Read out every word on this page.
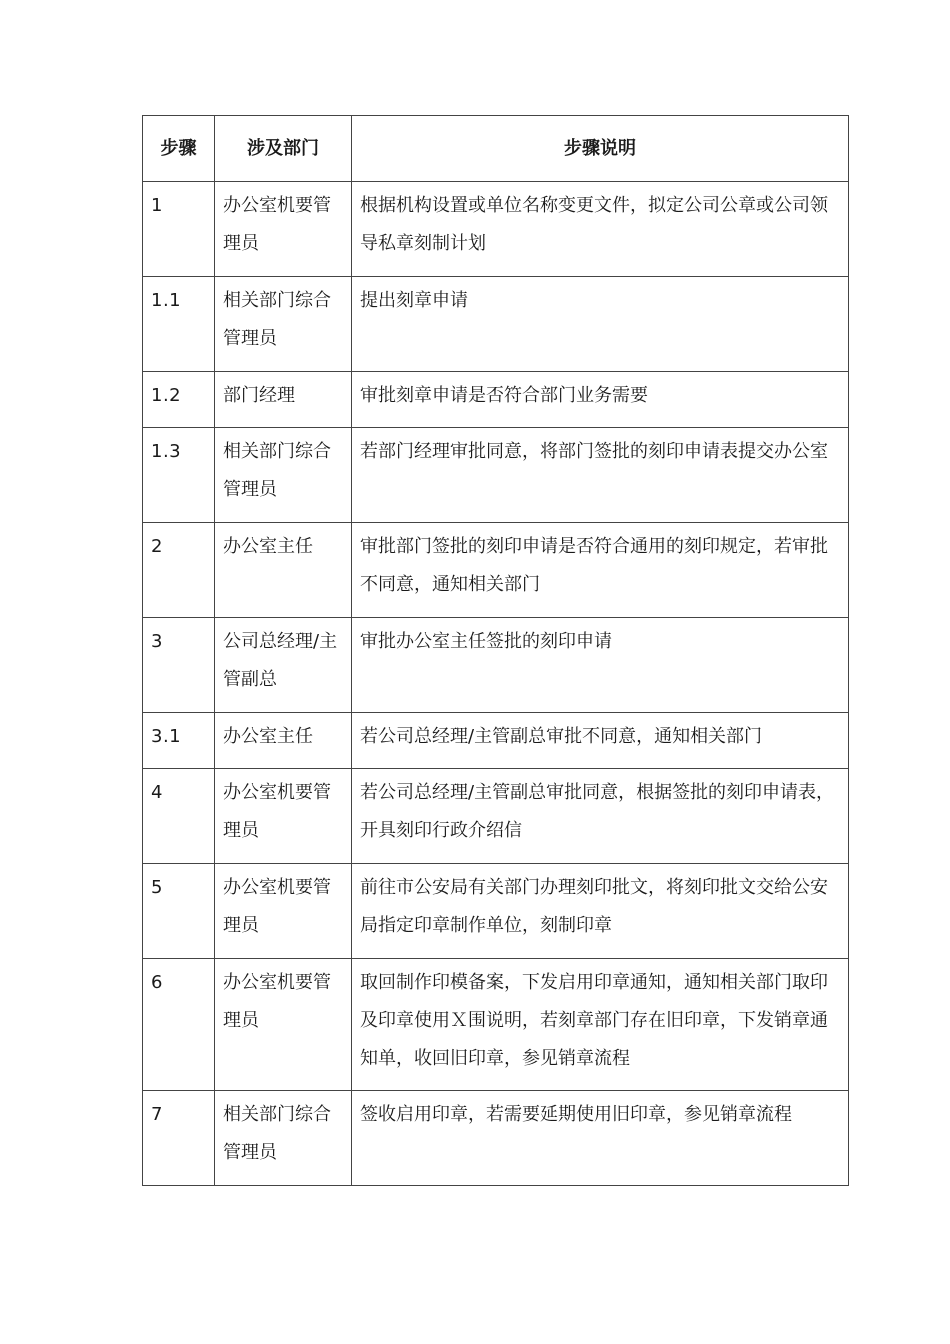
步骤	涉及部门	步骤说明
1	办公室机要管理员	根据机构设置或单位名称变更文件，拟定公司公章或公司领导私章刻制计划
1.1	相关部门综合管理员	提出刻章申请
1.2	部门经理	审批刻章申请是否符合部门业务需要
1.3	相关部门综合管理员	若部门经理审批同意，将部门签批的刻印申请表提交办公室
2	办公室主任	审批部门签批的刻印申请是否符合通用的刻印规定，若审批不同意，通知相关部门
3	公司总经理/主管副总	审批办公室主任签批的刻印申请
3.1	办公室主任	若公司总经理/主管副总审批不同意，通知相关部门
4	办公室机要管理员	若公司总经理/主管副总审批同意，根据签批的刻印申请表，开具刻印行政介绍信
5	办公室机要管理员	前往市公安局有关部门办理刻印批文，将刻印批文交给公安局指定印章制作单位，刻制印章
6	办公室机要管理员	取回制作印模备案，下发启用印章通知，通知相关部门取印及印章使用Ｘ围说明，若刻章部门存在旧印章，下发销章通知单，收回旧印章，参见销章流程
7	相关部门综合管理员	签收启用印章，若需要延期使用旧印章，参见销章流程
